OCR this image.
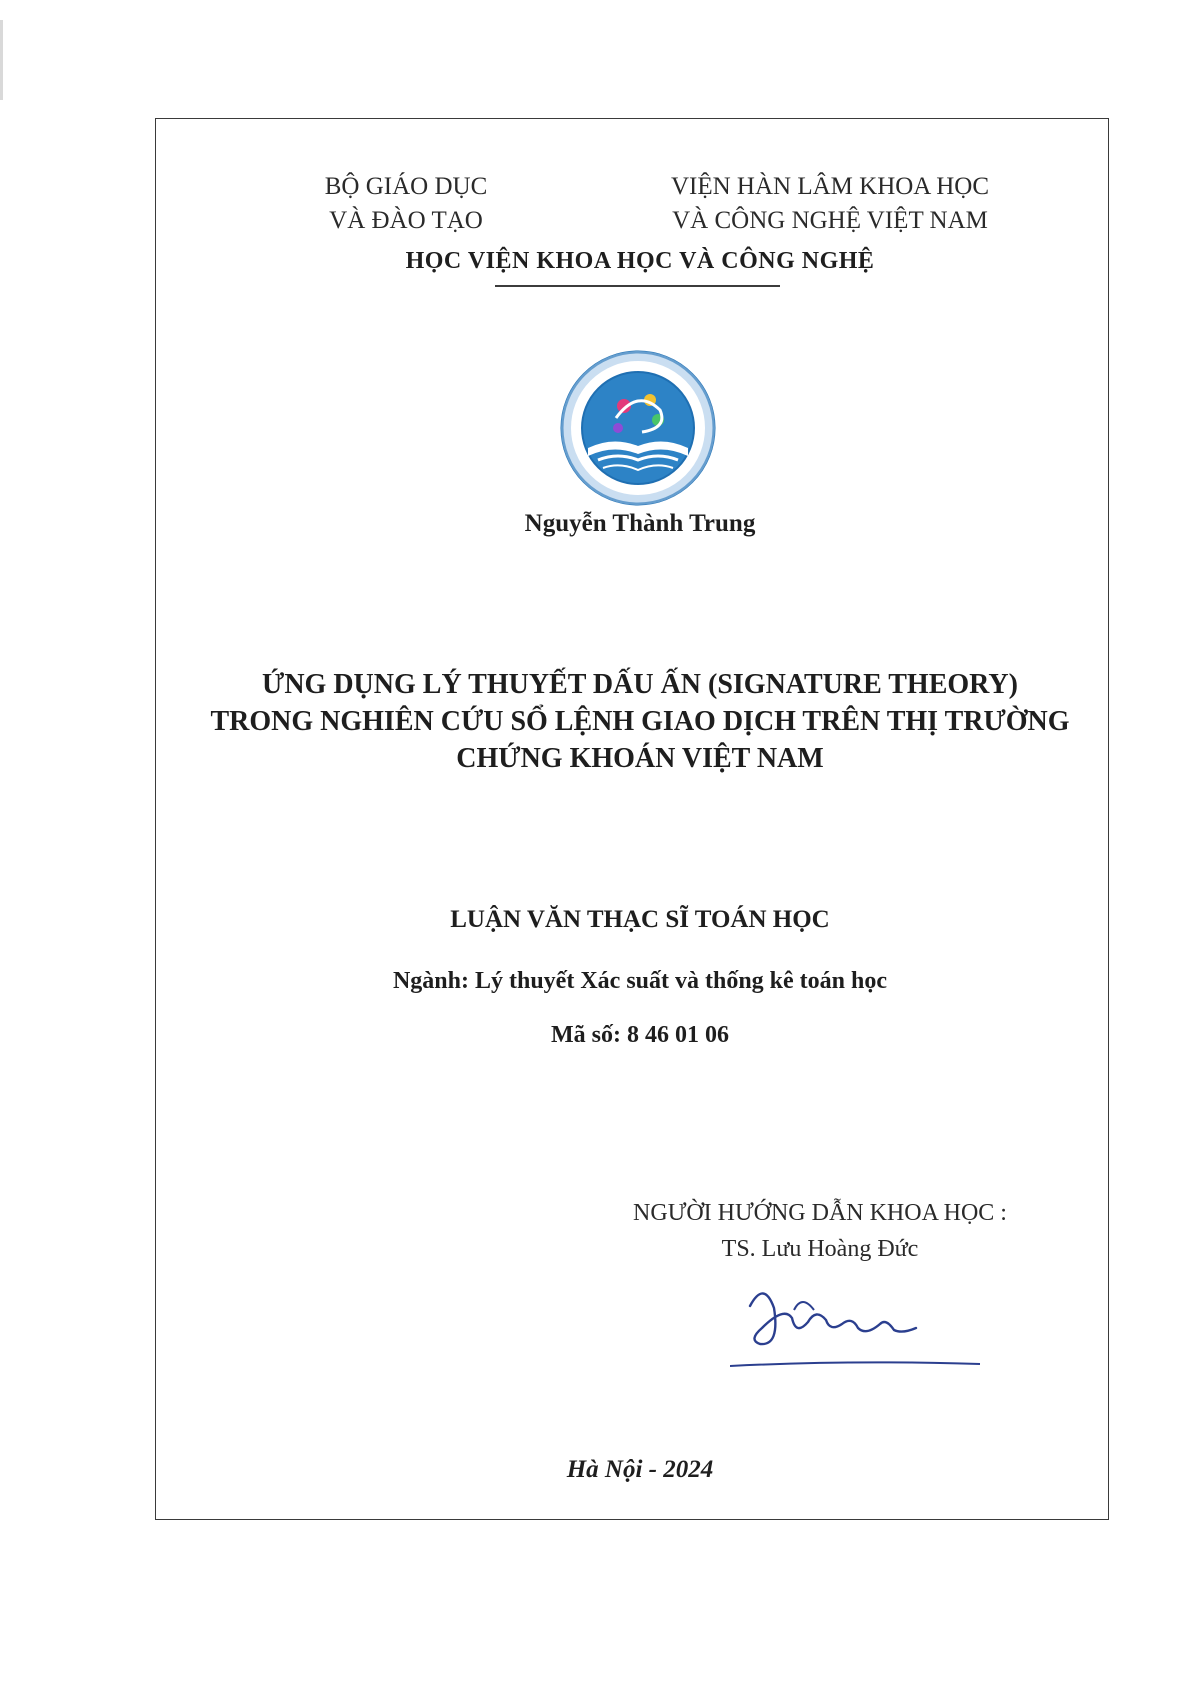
BỘ GIÁO DỤC
VÀ ĐÀO TẠO
VIỆN HÀN LÂM KHOA HỌC
VÀ CÔNG NGHỆ VIỆT NAM
HỌC VIỆN KHOA HỌC VÀ CÔNG NGHỆ
Nguyễn Thành Trung
ỨNG DỤNG LÝ THUYẾT DẤU ẤN (SIGNATURE THEORY)
TRONG NGHIÊN CỨU SỔ LỆNH GIAO DỊCH TRÊN THỊ TRƯỜNG
CHỨNG KHOÁN VIỆT NAM
LUẬN VĂN THẠC SĨ TOÁN HỌC
Ngành: Lý thuyết Xác suất và thống kê toán học
Mã số: 8 46 01 06
NGƯỜI HƯỚNG DẪN KHOA HỌC :
TS. Lưu Hoàng Đức
Hà Nội - 2024
